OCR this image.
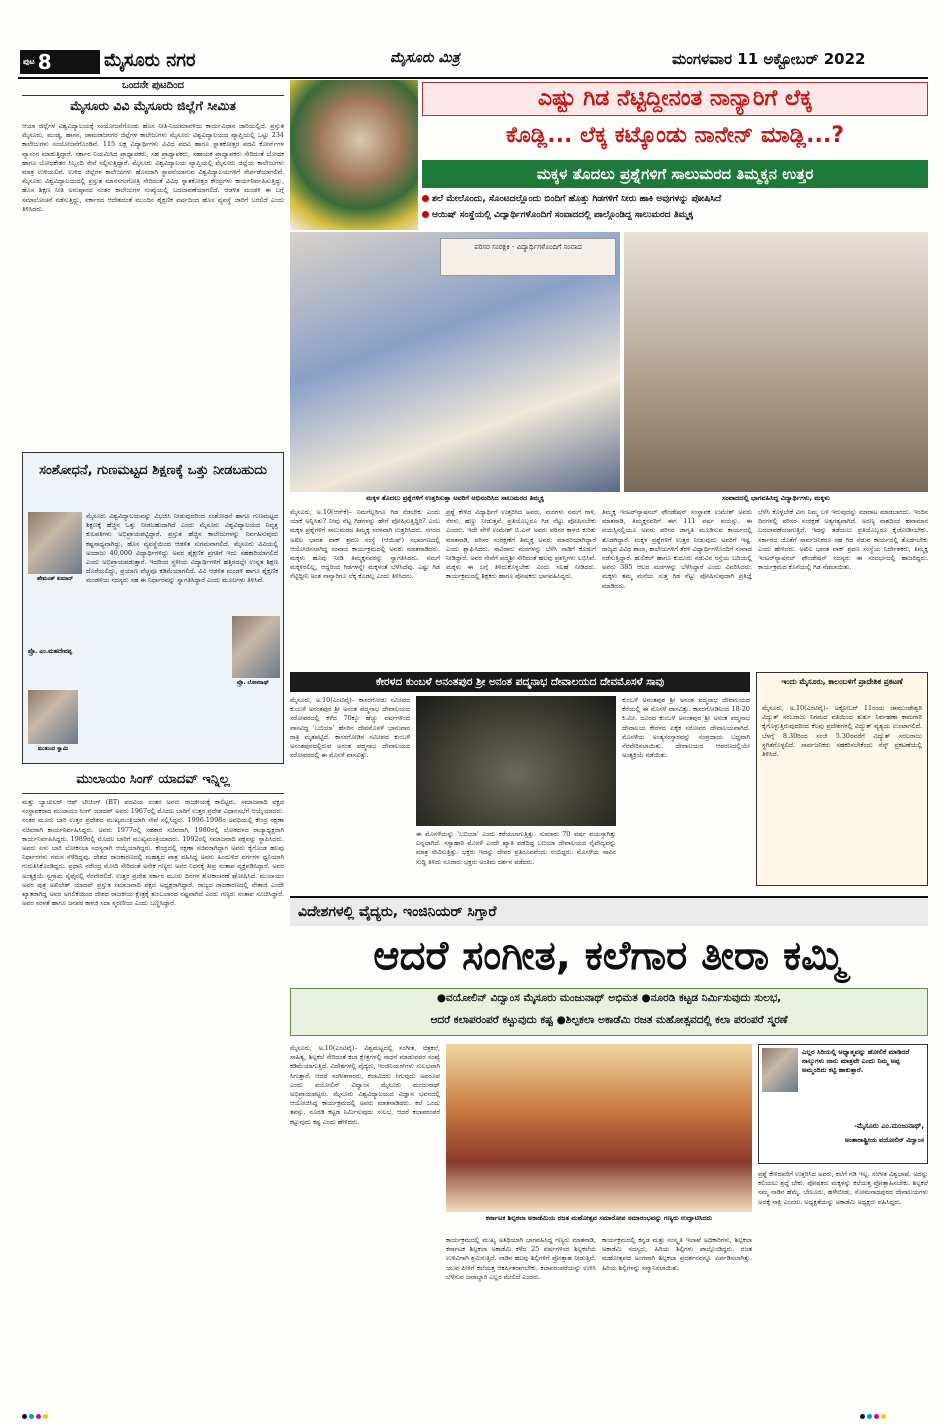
ಪುಟ 8	ಮೈಸೂರು ನಗರ	ಮೈಸೂರು ಮಿತ್ರ	ಮಂಗಳವಾರ 11 ಅಕ್ಟೋಬರ್ 2022
ಒಂದನೇ ಪುಟದಿಂದ
ಮೈಸೂರು ವಿವಿ ಮೈಸೂರು ಜಿಲ್ಲೆಗೆ ಸೀಮಿತ
ಆಯಾ ಜಿಲ್ಲೆಗಳ ವಿಶ್ವವಿದ್ಯಾಲಯಕ್ಕೆ ಸಂಯೋಜನೆಗೊಂಡು ಹೊಸ ನೀತಿ-ನಿಯಮಾವಳಿಯ ಕಾರ್ಯವಿಧಾನ ಜಾರಿಯಲ್ಲಿದೆ. ಪ್ರಸ್ತುತ ಮೈಸೂರು, ಮಂಡ್ಯ, ಹಾಸನ, ಚಾಮರಾಜನಗರ ಜಿಲ್ಲೆಗಳ ಕಾಲೇಜುಗಳು ಮೈಸೂರು ವಿಶ್ವವಿದ್ಯಾಲಯದ ವ್ಯಾಪ್ತಿಯಲ್ಲಿ ಒಟ್ಟು 234 ಕಾಲೇಜುಗಳು ಸಂಯೋಜನೆಗೊಂಡಿವೆ. 115 ಲಕ್ಷ ವಿದ್ಯಾರ್ಥಿಗಳು ವಿವಿಧ ಪದವಿ ಹಾಗೂ ಸ್ನಾತಕೋತ್ತರ ಪದವಿ ಕೋರ್ಸ್‌ಗಳ ವ್ಯಾಸಂಗ ಮಾಡುತ್ತಿದ್ದಾರೆ. ಸರ್ಕಾರ ನಿಯಮಿಸಿದ ಪ್ರಾಧ್ಯಾಪಕರು, ಸಹ ಪ್ರಾಧ್ಯಾಪಕರು, ಸಹಾಯಕ ಪ್ರಾಧ್ಯಾಪಕರು ಸೇರಿದಂತೆ ಬೋಧಕ ಹಾಗೂ ಬೋಧಕೇತರ ಸಿಬ್ಬಂದಿ ಸೇವೆ ಸಲ್ಲಿಸುತ್ತಿದ್ದಾರೆ. ಮೈಸೂರು ವಿಶ್ವವಿದ್ಯಾಲಯ ವ್ಯಾಪ್ತಿಯಲ್ಲಿ ಮೈಸೂರು ಜಿಲ್ಲೆಯ ಕಾಲೇಜುಗಳು ಮಾತ್ರ ಉಳಿಯಲಿವೆ. ಉಳಿದ ಜಿಲ್ಲೆಗಳ ಕಾಲೇಜುಗಳು ಹೊಸದಾಗಿ ಸ್ಥಾಪನೆಯಾಗುವ ವಿಶ್ವವಿದ್ಯಾಲಯಗಳಿಗೆ ಸೇರ್ಪಡೆಯಾಗಲಿವೆ. ಮೈಸೂರು ವಿಶ್ವವಿದ್ಯಾಲಯದಲ್ಲಿ ಪ್ರಸ್ತುತ ಮಾನಸಗಂಗೋತ್ರಿ ಸೇರಿದಂತೆ ವಿವಿಧ ಸ್ನಾತಕೋತ್ತರ ಕೇಂದ್ರಗಳು ಕಾರ್ಯನಿರ್ವಹಿಸುತ್ತಿದ್ದು, ಹೊಸ ಶಿಕ್ಷಣ ನೀತಿ ಅನುಷ್ಠಾನದ ನಂತರ ಕಾಲೇಜುಗಳ ಸಂಖ್ಯೆಯಲ್ಲಿ ಬದಲಾವಣೆಯಾಗಲಿದೆ. ಆಡಳಿತ ಮಂಡಳಿ ಈ ಬಗ್ಗೆ ಸಮಾಲೋಚನೆ ನಡೆಸುತ್ತಿದ್ದು, ಸರ್ಕಾರದ ಆದೇಶದಂತೆ ಮುಂದಿನ ಶೈಕ್ಷಣಿಕ ವರ್ಷದಿಂದ ಹೊಸ ವ್ಯವಸ್ಥೆ ಜಾರಿಗೆ ಬರಲಿದೆ ಎಂದು ತಿಳಿಸಿದರು.
ಸಂಶೋಧನೆ, ಗುಣಮಟ್ಟದ ಶಿಕ್ಷಣಕ್ಕೆ ಒತ್ತು ನೀಡಬಹುದು
ಹೇಮಂತ್ ಕುಮಾರ್
ಪ್ರೊ. ಲೋಕನಾಥ್
ಪ್ರೊ. ಎಂ.ಮಹದೇವಪ್ಪ
ಮುಕುಂದ ಸ್ವಾಮಿ
ಮೈಸೂರು ವಿಶ್ವವಿದ್ಯಾಲಯವನ್ನು ವಿಭಜಿಸಿ ನೀಡುವುದರಿಂದ ಸಂಶೋಧನೆ ಹಾಗೂ ಗುಣಮಟ್ಟದ ಶಿಕ್ಷಣಕ್ಕೆ ಹೆಚ್ಚಿನ ಒತ್ತು ನೀಡಬಹುದಾಗಿದೆ ಎಂದು ಮೈಸೂರು ವಿಶ್ವವಿದ್ಯಾಲಯದ ನಿವೃತ್ತ ಕುಲಪತಿಗಳು ಅಭಿಪ್ರಾಯಪಟ್ಟಿದ್ದಾರೆ. ಪ್ರಸ್ತುತ ಹೆಚ್ಚಿನ ಕಾಲೇಜುಗಳನ್ನು ನಿರ್ವಹಿಸುವುದು ಕಷ್ಟಸಾಧ್ಯವಾಗಿದ್ದು, ಹೊಸ ವ್ಯವಸ್ಥೆಯಿಂದ ಆಡಳಿತ ಸುಗಮವಾಗಲಿದೆ. ಮೈಸೂರು ವಿವಿಯಲ್ಲಿ ಅಂದಾಜು 40,000 ವಿದ್ಯಾರ್ಥಿಗಳಿದ್ದು ಅವರ ಶೈಕ್ಷಣಿಕ ಪ್ರಗತಿಗೆ ಇದು ಸಹಕಾರಿಯಾಗಲಿದೆ ಎಂದು ಅಭಿಪ್ರಾಯಪಡುತ್ತಾರೆ. ಇದರಿಂದ ಸ್ಥಳೀಯ ವಿದ್ಯಾರ್ಥಿಗಳಿಗೆ ಹತ್ತಿರದಲ್ಲೇ ಉನ್ನತ ಶಿಕ್ಷಣ ದೊರೆಯಲಿದ್ದು, ಪ್ರಯಾಣ ವೆಚ್ಚವೂ ಕಡಿಮೆಯಾಗಲಿದೆ. ವಿವಿ ಆಡಳಿತ ಮಂಡಳಿ ಹಾಗೂ ಶೈಕ್ಷಣಿಕ ಮಂಡಳಿಯ ಸದಸ್ಯರು ಸಹ ಈ ನಿರ್ಧಾರವನ್ನು ಸ್ವಾಗತಿಸಿದ್ದಾರೆ ಎಂದು ಮೂಲಗಳು ತಿಳಿಸಿವೆ.
ಮುಲಾಯಂ ಸಿಂಗ್ ಯಾದವ್ ಇನ್ನಿಲ್ಲ
ಮತ್ತು ಬ್ಯಾಚುಲರ್ ಆಫ್ ಟೀಚಿಂಗ್ (BT) ಪದವಿಯ ನಂತರ ಅವರು ರಾಜಕೀಯಕ್ಕೆ ಕಾಲಿಟ್ಟರು. ಸಮಾಜವಾದಿ ಪಕ್ಷದ ಸಂಸ್ಥಾಪಕರಾದ ಮುಲಾಯಂ ಸಿಂಗ್ ಯಾದವ್ ಅವರು 1967ರಲ್ಲಿ ಮೊದಲ ಬಾರಿಗೆ ಉತ್ತರ ಪ್ರದೇಶ ವಿಧಾನಸಭೆಗೆ ಆಯ್ಕೆಯಾದರು. ನಂತರ ಮೂರು ಬಾರಿ ಉತ್ತರ ಪ್ರದೇಶದ ಮುಖ್ಯಮಂತ್ರಿಯಾಗಿ ಸೇವೆ ಸಲ್ಲಿಸಿದ್ದರು. 1996-1998ರ ಅವಧಿಯಲ್ಲಿ ಕೇಂದ್ರ ರಕ್ಷಣಾ ಸಚಿವರಾಗಿ ಕಾರ್ಯನಿರ್ವಹಿಸಿದ್ದರು. ಅವರು 1977ರಲ್ಲಿ ಸಹಕಾರ ಸಚಿವರಾಗಿ, 1980ರಲ್ಲಿ ಲೋಕದಳದ ರಾಜ್ಯಾಧ್ಯಕ್ಷರಾಗಿ ಕಾರ್ಯನಿರ್ವಹಿಸಿದ್ದರು. 1989ರಲ್ಲಿ ಮೊದಲ ಬಾರಿಗೆ ಮುಖ್ಯಮಂತ್ರಿಯಾದರು. 1992ರಲ್ಲಿ ಸಮಾಜವಾದಿ ಪಕ್ಷವನ್ನು ಸ್ಥಾಪಿಸಿದರು. ಅವರು ಏಳು ಬಾರಿ ಲೋಕಸಭಾ ಸದಸ್ಯರಾಗಿ ಆಯ್ಕೆಯಾಗಿದ್ದರು. ಕೇಂದ್ರದಲ್ಲಿ ರಕ್ಷಣಾ ಸಚಿವರಾಗಿದ್ದಾಗ ಅವರು ಕೈಗೊಂಡ ಹಲವು ನಿರ್ಧಾರಗಳು ಗಮನ ಸೆಳೆದಿದ್ದವು. ದೇಶದ ರಾಜಕಾರಣದಲ್ಲಿ ಮಹತ್ವದ ಪಾತ್ರ ವಹಿಸಿದ್ದ ಅವರು ಹಿಂದುಳಿದ ವರ್ಗಗಳ ಧ್ವನಿಯಾಗಿ ಗುರುತಿಸಿಕೊಂಡಿದ್ದರು. ಪ್ರಧಾನಿ ನರೇಂದ್ರ ಮೋದಿ ಸೇರಿದಂತೆ ಅನೇಕ ಗಣ್ಯರು ಅವರ ನಿಧನಕ್ಕೆ ತೀವ್ರ ಸಂತಾಪ ವ್ಯಕ್ತಪಡಿಸಿದ್ದಾರೆ. ಅವರ ಅಂತ್ಯಕ್ರಿಯೆ ಸ್ವಗ್ರಾಮ ಸೈಫೈನಲ್ಲಿ ನೆರವೇರಲಿದೆ. ಉತ್ತರ ಪ್ರದೇಶ ಸರ್ಕಾರ ಮೂರು ದಿನಗಳ ಶೋಕಾಚರಣೆ ಘೋಷಿಸಿದೆ. ಮುಲಾಯಂ ಅವರ ಪುತ್ರ ಅಖಿಲೇಶ್ ಯಾದವ್ ಪ್ರಸ್ತುತ ಸಮಾಜವಾದಿ ಪಕ್ಷದ ಅಧ್ಯಕ್ಷರಾಗಿದ್ದಾರೆ. ರಾಜ್ಯದ ರಾಜಕಾರಣದಲ್ಲಿ ನೇತಾಜಿ ಎಂದೇ ಖ್ಯಾತರಾಗಿದ್ದ ಅವರ ಅಗಲಿಕೆಯಿಂದ ದೇಶದ ರಾಜಕೀಯ ಕ್ಷೇತ್ರಕ್ಕೆ ತುಂಬಲಾರದ ನಷ್ಟವಾಗಿದೆ ಎಂದು ಗಣ್ಯರು ಸಂತಾಪ ಸೂಚಿಸಿದ್ದಾರೆ. ಅವರ ಸರಳತೆ ಹಾಗೂ ಜನಪರ ಕಾಳಜಿ ಸದಾ ಸ್ಮರಣೀಯ ಎಂದು ಬಣ್ಣಿಸಿದ್ದಾರೆ.
ಎಷ್ಟು ಗಿಡ ನೆಟ್ಟಿದ್ದೀನಂತ ನಾನ್ಯಾರಿಗೆ ಲೆಕ್ಕ
ಕೊಡ್ಲಿ... ಲೆಕ್ಕ ಕಟ್ಕೊಂಡು ನಾನೇನ್ ಮಾಡ್ಲಿ...?
ಮಕ್ಕಳ ತೊದಲು ಪ್ರಶ್ನೆಗಳಿಗೆ ಸಾಲುಮರದ ತಿಮ್ಮಕ್ಕನ ಉತ್ತರ
ಶಲೆ ಮೇಲೊಂದು, ಸೊಂಟದಲ್ಲೊಂದು ಬಿಂದಿಗೆ ಹೊತ್ತು ಗಿಡಗಳಿಗೆ ನೀರು ಹಾಕಿ ಅವುಗಳನ್ನು ಪೋಷಿಸಿದೆ
ಆಯಿಷ್ ಸಂಸ್ಥೆಯಲ್ಲಿ ವಿದ್ಯಾರ್ಥಿಗಳೊಂದಿಗೆ ಸಂವಾದದಲ್ಲಿ ಪಾಲ್ಗೊಂಡಿದ್ದ ಸಾಲುಮರದ ತಿಮ್ಮಕ್ಕ
ಪರಿಸರ ಸಂರಕ್ಷಕಿ - ವಿದ್ಯಾರ್ಥಿಗಳೊಂದಿಗೆ ಸಂವಾದ
ಮಕ್ಕಳ ತೊದಲು ಪ್ರಶ್ನೆಗಳಿಗೆ ಉತ್ತರಿಸುತ್ತಾ ಅವರಿಗೆ ಅಭಿನಂದಿಸಿದ ಸಾಲುಮರದ ತಿಮ್ಮಕ್ಕ	ಸಂವಾದದಲ್ಲಿ ಭಾಗವಹಿಸಿದ್ದ ವಿದ್ಯಾರ್ಥಿಗಳು, ಮಕ್ಕಳು
ಮೈಸೂರು, ಅ.10(ಆರ್‌ಕೆ)– ನಿಮಗೆಲ್ಲರಿಗೂ ಗಿಡ ನೆಡಬೇಕು ಎಂದು ಯಾಕೆ ಅನ್ನಿಸಿತು? ನೀವು ನೆಟ್ಟ ಗಿಡಗಳನ್ನು ಹೇಗೆ ಪೋಷಿಸುತ್ತಿದ್ದಿರಿ? ಎಂಬ ಮಕ್ಕಳ ಪ್ರಶ್ನೆಗಳಿಗೆ ಸಾಲುಮರದ ತಿಮ್ಮಕ್ಕ ಸರಳವಾಗಿ ಉತ್ತರಿಸಿದರು. ನಗರದ ಅಖಿಲ ಭಾರತ ವಾಕ್ ಶ್ರವಣ ಸಂಸ್ಥೆ (ಆಯಿಷ್) ಸಭಾಂಗಣದಲ್ಲಿ ಆಯೋಜಿಸಲಾಗಿದ್ದ ಸಂವಾದ ಕಾರ್ಯಕ್ರಮದಲ್ಲಿ ಅವರು ಮಾತನಾಡಿದರು. ಮಕ್ಕಳು ಹೂವು ನೀಡಿ ತಿಮ್ಮಕ್ಕನವರನ್ನು ಸ್ವಾಗತಿಸಿದರು. ನಮಗೆ ಮಕ್ಕಳಿರಲಿಲ್ಲ, ಆದ್ದರಿಂದ ಗಿಡಗಳನ್ನೇ ಮಕ್ಕಳಂತೆ ಬೆಳೆಸಿದೆವು. ಎಷ್ಟು ಗಿಡ ನೆಟ್ಟಿದ್ದೀನಿ ಅಂತ ನಾನ್ಯಾರಿಗೂ ಲೆಕ್ಕ ಕೊಡಲ್ಲ ಎಂದು ತಿಳಿಸಿದರು.
ಪ್ರಶ್ನೆ ಕೇಳಿದ ವಿದ್ಯಾರ್ಥಿಗೆ ಉತ್ತರಿಸಿದ ಅವರು, ಮರಗಳು ನಮಗೆ ಗಾಳಿ, ನೆರಳು, ಹಣ್ಣು ನೀಡುತ್ತವೆ. ಪ್ರತಿಯೊಬ್ಬರೂ ಗಿಡ ನೆಟ್ಟು ಪೋಷಿಸಬೇಕು ಎಂದರು. ಇದೇ ವೇಳೆ ಉಮೇಶ್ ಬಿ.ಎನ್ ಅವರು ಪರಿಸರ ಕಾಳಜಿ ಕುರಿತು ಮಾತನಾಡಿ, ಪರಿಸರ ಸಂರಕ್ಷಣೆಗೆ ತಿಮ್ಮಕ್ಕ ಅವರು ಮಾದರಿಯಾಗಿದ್ದಾರೆ ಎಂದು ಶ್ಲಾಘಿಸಿದರು. ಸಾವಿರಾರು ಮರಗಳನ್ನು ಬೆಳೆಸಿ ನಾಡಿಗೆ ಕೊಡುಗೆ ನೀಡಿದ್ದಾರೆ. ಅವರ ಸೇವೆಗೆ ಪದ್ಮಶ್ರೀ ಸೇರಿದಂತೆ ಹಲವು ಪ್ರಶಸ್ತಿಗಳು ಲಭಿಸಿವೆ. ಮಕ್ಕಳು ಈ ಬಗ್ಗೆ ತಿಳಿದುಕೊಳ್ಳಬೇಕು ಎಂದು ಸಲಹೆ ನೀಡಿದರು. ಕಾರ್ಯಕ್ರಮದಲ್ಲಿ ಶಿಕ್ಷಕರು ಹಾಗೂ ಪೋಷಕರು ಭಾಗವಹಿಸಿದ್ದರು.
ತಿಮ್ಮಕ್ಕ ಇಂಟರ್‌ನ್ಯಾಷನಲ್ ಫೌಂಡೇಷನ್ ಸಂಸ್ಥಾಪಕ ಉಮೇಶ್ ಅವರು ಮಾತನಾಡಿ, ತಿಮ್ಮಕ್ಕನವರಿಗೆ ಈಗ 111 ವರ್ಷ ವಯಸ್ಸು. ಈ ವಯಸ್ಸಿನಲ್ಲಿಯೂ ಅವರು ಪರಿಸರ ಜಾಗೃತಿ ಮೂಡಿಸುವ ಕಾರ್ಯದಲ್ಲಿ ತೊಡಗಿದ್ದಾರೆ. ಮಕ್ಕಳ ಪ್ರಶ್ನೆಗಳಿಗೆ ಉತ್ತರ ನೀಡುವುದು ಅವರಿಗೆ ಇಷ್ಟ. ರಾಜ್ಯದ ವಿವಿಧ ಶಾಲಾ, ಕಾಲೇಜುಗಳಿಗೆ ತೆರಳಿ ವಿದ್ಯಾರ್ಥಿಗಳೊಂದಿಗೆ ಸಂವಾದ ನಡೆಸುತ್ತಿದ್ದಾರೆ. ಹುಲಿಕಲ್ ಹಾಗೂ ಕುದೂರು ನಡುವಿನ ರಸ್ತೆಯ ಬದಿಯಲ್ಲಿ ಅವರು 385 ಆಲದ ಮರಗಳನ್ನು ಬೆಳೆಸಿದ್ದಾರೆ ಎಂದು ವಿವರಿಸಿದರು. ಮಕ್ಕಳು ತಮ್ಮ ಮನೆಯ ಸುತ್ತ ಗಿಡ ನೆಟ್ಟು ಪೋಷಿಸುವುದಾಗಿ ಪ್ರತಿಜ್ಞೆ ಮಾಡಿದರು.
ಬೆಳೆಸಿ ಕೊಳ್ಳಬೇಕೆ ವಿನಃ ನಿಮ್ಮ ಬಳಿ ಇರುವುದನ್ನು ಮಾರಾಟ ಮಾಡಬಾರದು. ಇಂದಿನ ದಿನಗಳಲ್ಲಿ ಪರಿಸರ ಸಂರಕ್ಷಣೆ ಅತ್ಯಗತ್ಯವಾಗಿದೆ. ಅರಣ್ಯ ನಾಶದಿಂದ ಹವಾಮಾನ ಬದಲಾವಣೆಯಾಗುತ್ತಿದೆ. ಇದನ್ನು ತಡೆಯಲು ಪ್ರತಿಯೊಬ್ಬರೂ ಕೈಜೋಡಿಸಬೇಕು. ಸರ್ಕಾರದ ಜೊತೆಗೆ ಸಾರ್ವಜನಿಕರೂ ಸಹ ಗಿಡ ನೆಡುವ ಕಾರ್ಯದಲ್ಲಿ ತೊಡಗಬೇಕು ಎಂದು ಹೇಳಿದರು. ಅಖಿಲ ಭಾರತ ವಾಕ್ ಶ್ರವಣ ಸಂಸ್ಥೆಯ ನಿರ್ದೇಶಕರು, ತಿಮ್ಮಕ್ಕ ಇಂಟರ್‌ನ್ಯಾಷನಲ್ ಫೌಂಡೇಷನ್ ಸದಸ್ಯರು ಈ ಸಂದರ್ಭದಲ್ಲಿ ಹಾಜರಿದ್ದರು. ಕಾರ್ಯಕ್ರಮದ ಕೊನೆಯಲ್ಲಿ ಗಿಡ ನೆಡಲಾಯಿತು.
ಕೇರಳದ ಕುಂಬಳೆ ಅನಂತಪುರ ಶ್ರೀ ಅನಂತ ಪದ್ಮನಾಭ ದೇವಾಲಯದ ದೇವಮೊಸಳೆ ಸಾವು
ಮೈಸೂರು, ಅ.10(ಎಂಟಿವೈ)– ಕಾಸರಗೋಡು ಸಮೀಪದ ಕುಂಬಳೆ ಅನಂತಪುರ ಶ್ರೀ ಅನಂತ ಪದ್ಮನಾಭ ದೇವಾಲಯದ ಸರೋವರದಲ್ಲಿ ಕಳೆದ 70ಕ್ಕೂ ಹೆಚ್ಚು ವರ್ಷಗಳಿಂದ ವಾಸವಿದ್ದ 'ಬಬಿಯಾ' ಹೆಸರಿನ ದೇವಮೊಸಳೆ ಭಾನುವಾರ ರಾತ್ರಿ ಮೃತಪಟ್ಟಿದೆ. ಕಾಸರಗೋಡಿನ ಸಮೀಪದ ಕುಂಬಳೆ ಅನಂತಪುರದಲ್ಲಿರುವ ಅನಂತ ಪದ್ಮನಾಭ ದೇವಾಲಯದ ಸರೋವರದಲ್ಲಿ ಈ ಮೊಸಳೆ ವಾಸವಿತ್ತು.
ಈ ಮೊಸಳೆಯನ್ನು 'ಬಬಿಯಾ' ಎಂದು ಕರೆಯಲಾಗುತ್ತಿತ್ತು. ಸುಮಾರು 70 ವರ್ಷ ವಯಸ್ಸಾಗಿತ್ತು ಎನ್ನಲಾಗಿದೆ. ಸಸ್ಯಾಹಾರಿ ಮೊಸಳೆ ಎಂದೇ ಖ್ಯಾತಿ ಪಡೆದಿದ್ದ ಬಬಿಯಾ ದೇವಾಲಯದ ನೈವೇದ್ಯವನ್ನು ಮಾತ್ರ ಸೇವಿಸುತ್ತಿತ್ತು. ಭಕ್ತರು ಇದನ್ನು ದೇವರ ಪ್ರತಿರೂಪವೆಂದು ನಂಬಿದ್ದರು. ಮೊಸಳೆಯ ಸಾವಿನ ಸುದ್ದಿ ತಿಳಿದು ನೂರಾರು ಭಕ್ತರು ಅಂತಿಮ ದರ್ಶನ ಪಡೆದರು.
ಕುಂಬಳೆ ಅನಂತಪುರ ಶ್ರೀ ಅನಂತ ಪದ್ಮನಾಭ ದೇವಾಲಯದ ಕೆರೆಯಲ್ಲಿ ಈ ಮೊಸಳೆ ವಾಸವಿತ್ತು. ಕಾಸರಗೋಡಿನಿಂದ 18-20 ಕಿ.ಮೀ. ದೂರದ ಕುಂಬಳೆ ಅನಂತಪುರ ಶ್ರೀ ಅನಂತ ಪದ್ಮನಾಭ ದೇವಾಲಯ ಕೇರಳದ ಏಕೈಕ ಸರೋವರ ದೇವಾಲಯವಾಗಿದೆ. ಮೊಸಳೆಯ ಅಂತ್ಯಸಂಸ್ಕಾರವನ್ನು ಸಂಪ್ರದಾಯ ಬದ್ಧವಾಗಿ ನೆರವೇರಿಸಲಾಯಿತು. ದೇವಾಲಯದ ಆವರಣದಲ್ಲಿಯೇ ಅಂತ್ಯಕ್ರಿಯೆ ನಡೆಯಿತು.
ಇಂದು ಮೈಸೂರು, ಕಾಲಂಬಳಿಗೆ ಪ್ರಾದೇಶಿಕ ಪ್ರಕಟಣೆ
ಮೈಸೂರು, ಅ.10(ಎಂಟಿವೈ)– ಅಕ್ಟೋಬರ್ 11ರಂದು ಚಾಮುಂಡೇಶ್ವರಿ ವಿದ್ಯುತ್ ಸರಬರಾಜು ನಿಗಮದ ವತಿಯಿಂದ ತುರ್ತು ನಿರ್ವಹಣಾ ಕಾಮಗಾರಿ ಕೈಗೊಳ್ಳುತ್ತಿರುವುದರಿಂದ ಕೆಲವು ಪ್ರದೇಶಗಳಲ್ಲಿ ವಿದ್ಯುತ್ ವ್ಯತ್ಯಯ ಉಂಟಾಗಲಿದೆ. ಬೆಳಗ್ಗೆ 8.30ರಿಂದ ಸಂಜೆ 5.30ರವರೆಗೆ ವಿದ್ಯುತ್ ಸರಬರಾಜು ಸ್ಥಗಿತಗೊಳ್ಳಲಿದೆ. ಸಾರ್ವಜನಿಕರು ಸಹಕರಿಸಬೇಕೆಂದು ಸೆಸ್ಕ್ ಪ್ರಕಟಣೆಯಲ್ಲಿ ತಿಳಿಸಿದೆ.
ವಿದೇಶಗಳಲ್ಲಿ ವೈದ್ಯರು, ಇಂಜಿನಿಯರ್ ಸಿಗ್ತಾರೆ
ಆದರೆ ಸಂಗೀತ, ಕಲೆಗಾರ ತೀರಾ ಕಮ್ಮಿ
●ವಯೋಲಿನ್ ವಿದ್ವಾಂಸ ಮೈಸೂರು ಮಂಜುನಾಥ್ ಅಭಿಮತ ●ನೂರಡಿ ಕಟ್ಟಡ ನಿರ್ಮಿಸುವುದು ಸುಲಭ,
ಆದರೆ ಕಲಾಪರಂಪರೆ ಕಟ್ಟುವುದು ಕಷ್ಟ ●ಶಿಲ್ಪಕಲಾ ಅಕಾಡೆಮಿ ರಜತ ಮಹೋತ್ಸವದಲ್ಲಿ ಕಲಾ ಪರಂಪರೆ ಸ್ಮರಣೆ
ಮೈಸೂರು, ಅ.10(ಎಂಟಿವೈ)– ವಿಶ್ವಮಟ್ಟದಲ್ಲಿ ಸಂಗೀತ, ಚಿತ್ರಕಲೆ, ಸಾಹಿತ್ಯ, ಶಿಲ್ಪಕಲೆ ಸೇರಿದಂತೆ ಕಲಾ ಕ್ಷೇತ್ರಗಳಲ್ಲಿ ಸಾಧನೆ ಮಾಡುವವರ ಸಂಖ್ಯೆ ಕಡಿಮೆಯಾಗುತ್ತಿದೆ. ವಿದೇಶಗಳಲ್ಲಿ ವೈದ್ಯರು, ಇಂಜಿನಿಯರ್‌ಗಳು ಸುಲಭವಾಗಿ ಸಿಗುತ್ತಾರೆ. ಆದರೆ ಸಂಗೀತಗಾರರು, ಕಲಾವಿದರು ಸಿಗುವುದು ಅಪರೂಪ ಎಂದು ವಯೋಲಿನ್ ವಿದ್ವಾಂಸ ಮೈಸೂರು ಮಂಜುನಾಥ್ ಅಭಿಪ್ರಾಯಪಟ್ಟರು. ಮೈಸೂರು ವಿಶ್ವವಿದ್ಯಾಲಯದ ವಿಜ್ಞಾನ ಭವನದಲ್ಲಿ ಆಯೋಜಿಸಿದ್ದ ಕಾರ್ಯಕ್ರಮದಲ್ಲಿ ಅವರು ಮಾತನಾಡಿದರು. ಕಲೆ ಒಂದು ತಪಸ್ಸು. ನೂರಡಿ ಕಟ್ಟಡ ನಿರ್ಮಿಸುವುದು ಸುಲಭ, ಆದರೆ ಕಲಾಪರಂಪರೆ ಕಟ್ಟುವುದು ಕಷ್ಟ ಎಂದು ಹೇಳಿದರು.
ಕರ್ನಾಟಕ ಶಿಲ್ಪಕಲಾ ಅಕಾಡೆಮಿಯ ರಜತ ಮಹೋತ್ಸವ ಸಮಾರೋಪ ಸಮಾರಂಭವನ್ನು ಗಣ್ಯರು ಉದ್ಘಾಟಿಸಿದರು
ಕಾರ್ಯಕ್ರಮದಲ್ಲಿ ಮುಖ್ಯ ಅತಿಥಿಯಾಗಿ ಭಾಗವಹಿಸಿದ್ದ ಗಣ್ಯರು ಮಾತನಾಡಿ, ಕರ್ನಾಟಕ ಶಿಲ್ಪಕಲಾ ಅಕಾಡೆಮಿ ಕಳೆದ 25 ವರ್ಷಗಳಿಂದ ಶಿಲ್ಪಕಲೆಯ ಉಳಿವಿಗಾಗಿ ಶ್ರಮಿಸುತ್ತಿದೆ. ನಾಡಿನ ಹಲವು ಶಿಲ್ಪಿಗಳಿಗೆ ಪ್ರೋತ್ಸಾಹ ನೀಡುತ್ತಿದೆ. ಯುವ ಪೀಳಿಗೆ ಕಲೆಯತ್ತ ಆಕರ್ಷಿತರಾಗಬೇಕು. ಕಲಾಪರಂಪರೆಯನ್ನು ಉಳಿಸಿ ಬೆಳೆಸುವ ಜವಾಬ್ದಾರಿ ಎಲ್ಲರ ಮೇಲಿದೆ ಎಂದರು.
ಕಾರ್ಯಕ್ರಮದಲ್ಲಿ ಕನ್ನಡ ಮತ್ತು ಸಂಸ್ಕೃತಿ ಇಲಾಖೆ ಅಧಿಕಾರಿಗಳು, ಶಿಲ್ಪಕಲಾ ಅಕಾಡೆಮಿ ಸದಸ್ಯರು, ಹಿರಿಯ ಶಿಲ್ಪಿಗಳು ಪಾಲ್ಗೊಂಡಿದ್ದರು. ರಜತ ಮಹೋತ್ಸವದ ಅಂಗವಾಗಿ ಶಿಲ್ಪಕಲಾ ಪ್ರದರ್ಶನವನ್ನೂ ಏರ್ಪಡಿಸಲಾಗಿತ್ತು. ಹಿರಿಯ ಶಿಲ್ಪಿಗಳನ್ನು ಸನ್ಮಾನಿಸಲಾಯಿತು.
ಎಲ್ಲರ ಸಿರಿಯಲ್ಲಿ ಅಧ್ಯಾತ್ಮವನ್ನು ಹೋಲಿಕೆ ಮಾಡಿದರೆ ನಾಲ್ಕುಗಳು ನಾನು ಮಾತ್ರವೇ ಎಂದು ನಿಮ್ಮ ಅಪ್ಪ ಅಮ್ಮಂದಿರು ಕಟ್ಟಿ ಹಾಕುತ್ತಾರೆ.
-ಮೈಸೂರು ಎಂ.ಮಂಜುನಾಥ್,
ಅಂತಾರಾಷ್ಟ್ರೀಯ ವಯೋಲಿನ್ ವಿದ್ವಾಂಸ
ಪ್ರಶ್ನೆ ಕೇಳಿದವರಿಗೆ ಉತ್ತರಿಸಿದ ಅವರು, ಕಲೆಗೆ ಗಡಿ ಇಲ್ಲ. ಸಂಗೀತ ವಿಶ್ವಭಾಷೆ. ಅದನ್ನು ಕಲಿಯಲು ಶ್ರದ್ಧೆ ಬೇಕು. ಪೋಷಕರು ಮಕ್ಕಳನ್ನು ಕಲೆಯತ್ತ ಪ್ರೋತ್ಸಾಹಿಸಬೇಕು. ಶಿಲ್ಪಕಲೆ ನಮ್ಮ ನಾಡಿನ ಹೆಮ್ಮೆ. ಬೇಲೂರು, ಹಳೇಬೀಡು, ಸೋಮನಾಥಪುರದ ದೇವಾಲಯಗಳು ಅದಕ್ಕೆ ಸಾಕ್ಷಿ ಎಂದರು. ಅಧ್ಯಕ್ಷತೆಯನ್ನು ಅಕಾಡೆಮಿ ಅಧ್ಯಕ್ಷರು ವಹಿಸಿದ್ದರು.
